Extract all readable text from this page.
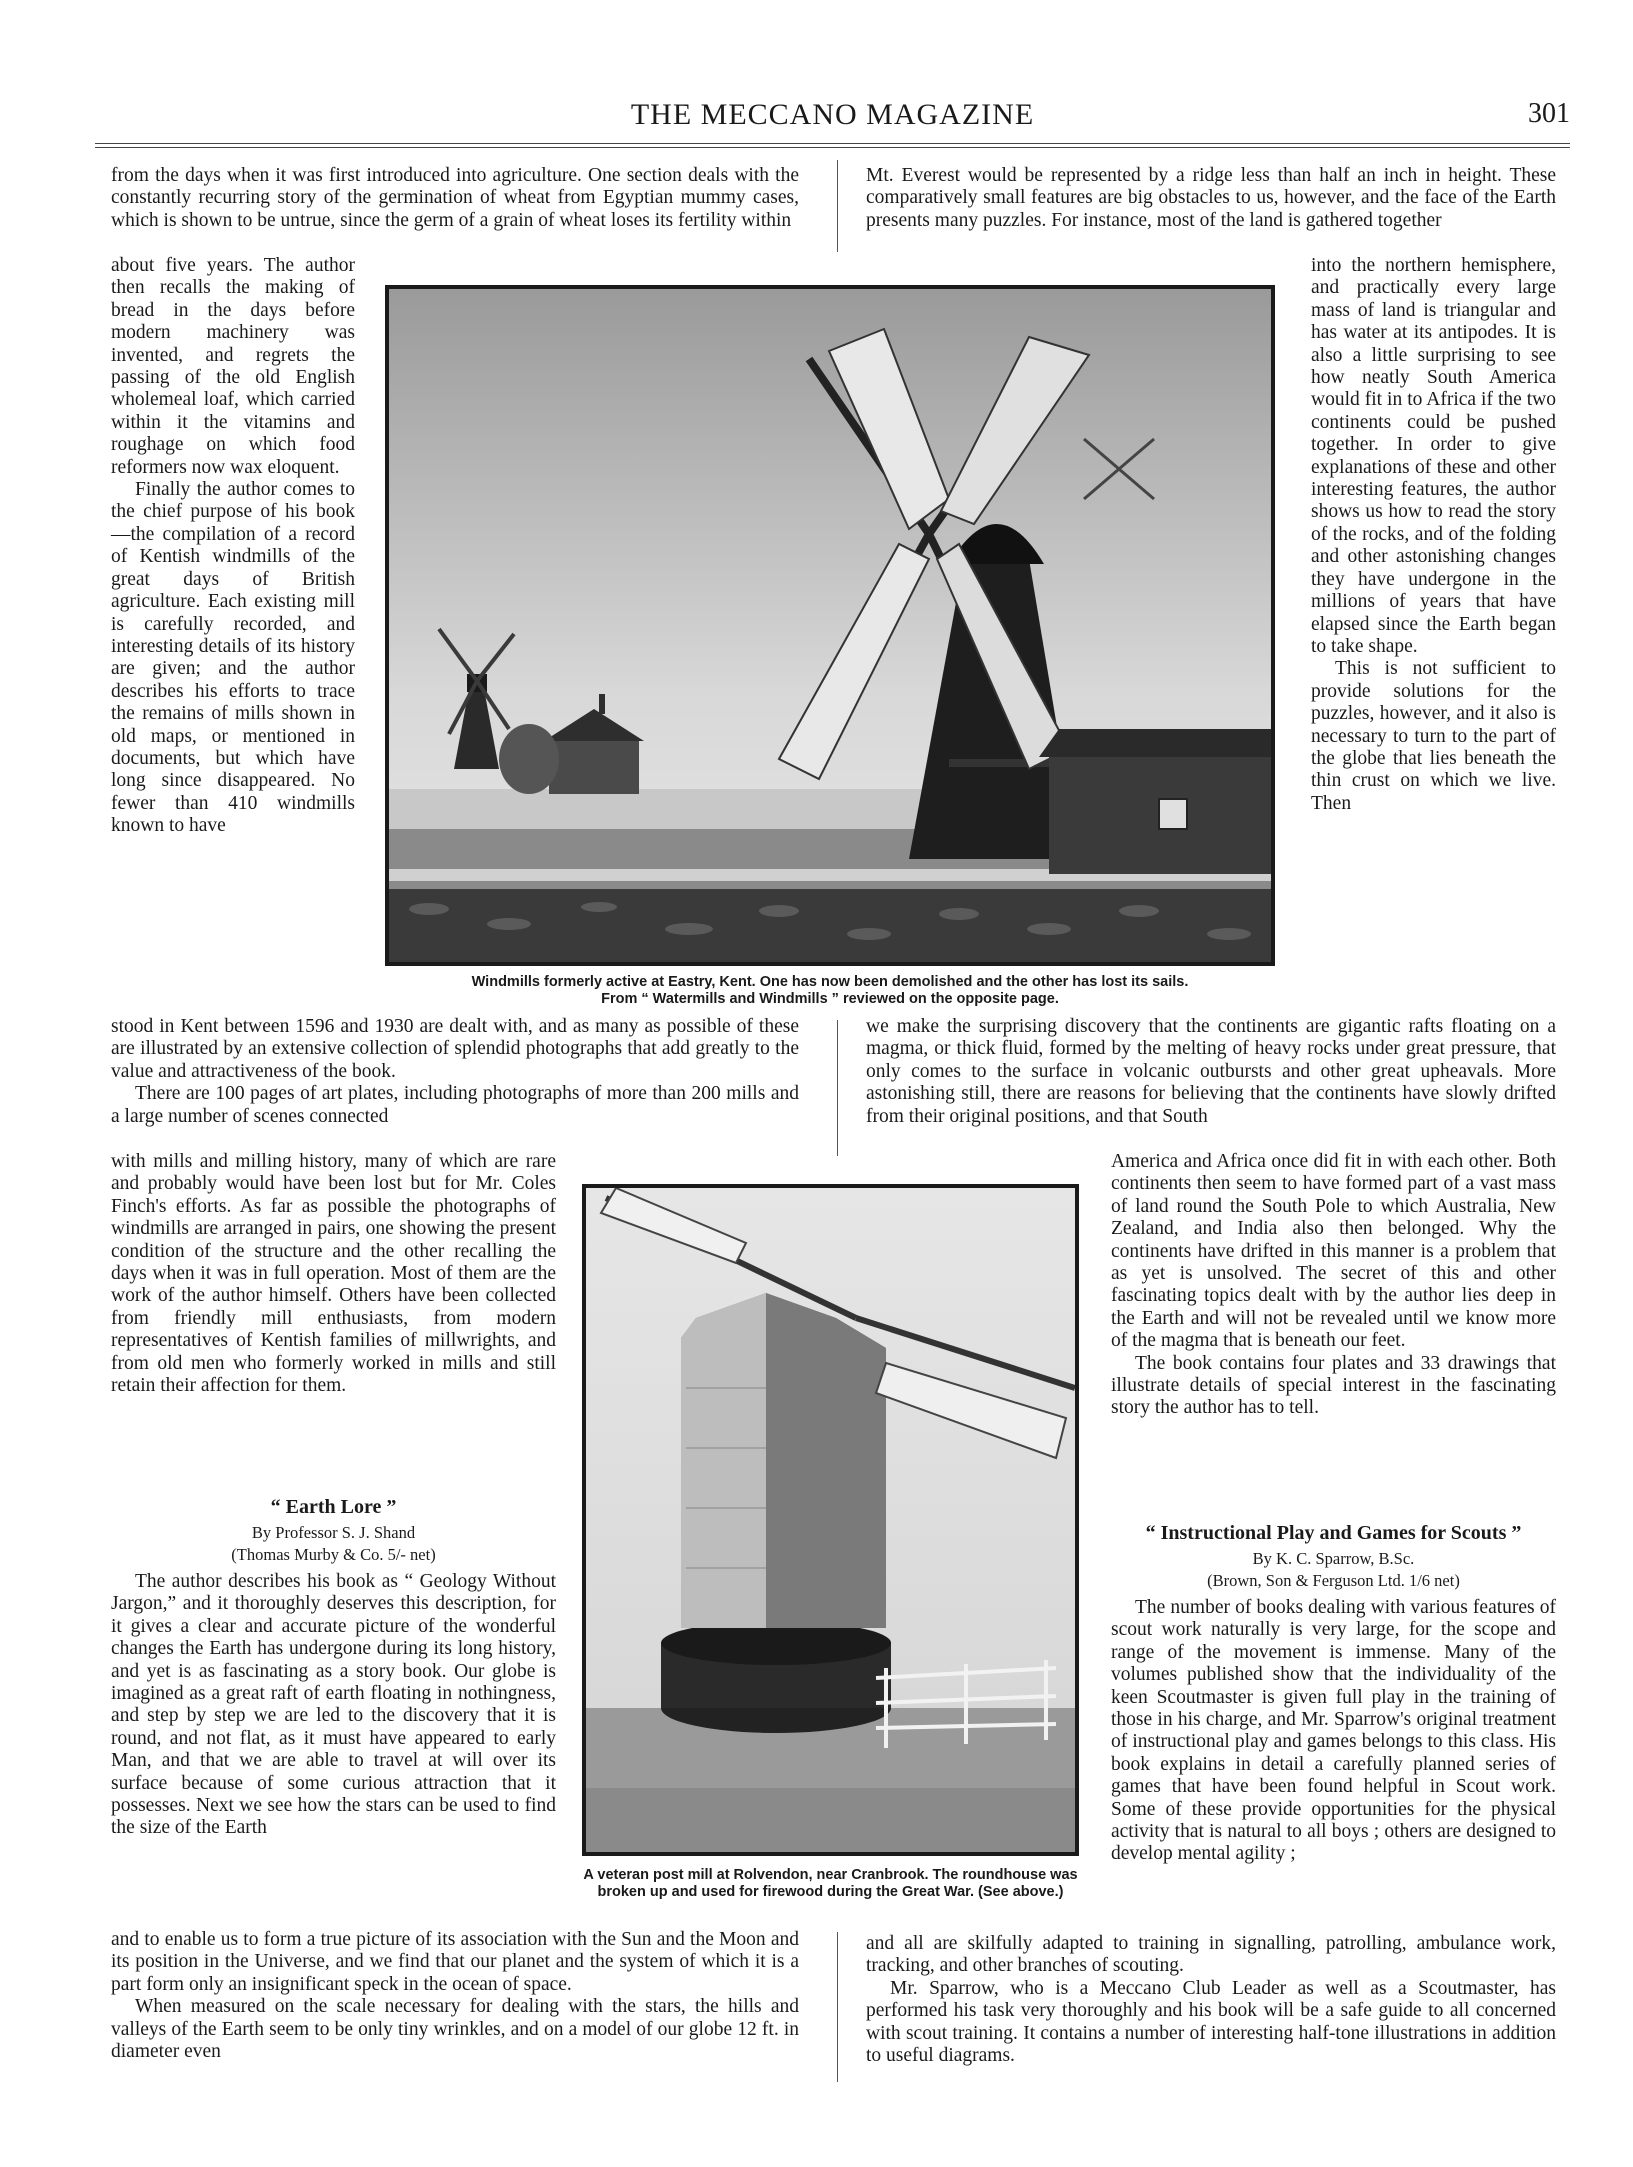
THE MECCANO MAGAZINE	301

from the days when it was first introduced into agriculture. One section deals with the constantly recurring story of the germination of wheat from Egyptian mummy cases, which is shown to be untrue, since the germ of a grain of wheat loses its fertility within

about five years. The author then recalls the making of bread in the days before modern machinery was invented, and regrets the passing of the old English wholemeal loaf, which carried within it the vitamins and roughage on which food reformers now wax eloquent.

Finally the author comes to the chief purpose of his book—the compilation of a record of Kentish windmills of the great days of British agriculture. Each existing mill is carefully recorded, and interesting details of its history are given; and the author describes his efforts to trace the remains of mills shown in old maps, or mentioned in documents, but which have long since disappeared. No fewer than 410 windmills known to have

stood in Kent between 1596 and 1930 are dealt with, and as many as possible of these are illustrated by an extensive collection of splendid photographs that add greatly to the value and attractiveness of the book.

There are 100 pages of art plates, including photographs of more than 200 mills and a large number of scenes connected

with mills and milling history, many of which are rare and probably would have been lost but for Mr. Coles Finch's efforts. As far as possible the photographs of windmills are arranged in pairs, one showing the present condition of the structure and the other recalling the days when it was in full operation. Most of them are the work of the author himself. Others have been collected from friendly mill enthusiasts, from modern representatives of Kentish families of millwrights, and from old men who formerly worked in mills and still retain their affection for them.

“ Earth Lore ”
By Professor S. J. Shand
(Thomas Murby & Co. 5/- net)

The author describes his book as “ Geology Without Jargon,” and it thoroughly deserves this description, for it gives a clear and accurate picture of the wonderful changes the Earth has undergone during its long history, and yet is as fascinating as a story book. Our globe is imagined as a great raft of earth floating in nothingness, and step by step we are led to the discovery that it is round, and not flat, as it must have appeared to early Man, and that we are able to travel at will over its surface because of some curious attraction that it possesses. Next we see how the stars can be used to find the size of the Earth

and to enable us to form a true picture of its association with the Sun and the Moon and its position in the Universe, and we find that our planet and the system of which it is a part form only an insignificant speck in the ocean of space.

When measured on the scale necessary for dealing with the stars, the hills and valleys of the Earth seem to be only tiny wrinkles, and on a model of our globe 12 ft. in diameter even

Mt. Everest would be represented by a ridge less than half an inch in height. These comparatively small features are big obstacles to us, however, and the face of the Earth presents many puzzles. For instance, most of the land is gathered together

into the northern hemisphere, and practically every large mass of land is triangular and has water at its antipodes. It is also a little surprising to see how neatly South America would fit in to Africa if the two continents could be pushed together. In order to give explanations of these and other interesting features, the author shows us how to read the story of the rocks, and of the folding and other astonishing changes they have undergone in the millions of years that have elapsed since the Earth began to take shape.

This is not sufficient to provide solutions for the puzzles, however, and it also is necessary to turn to the part of the globe that lies beneath the thin crust on which we live. Then

we make the surprising discovery that the continents are gigantic rafts floating on a magma, or thick fluid, formed by the melting of heavy rocks under great pressure, that only comes to the surface in volcanic outbursts and other great upheavals. More astonishing still, there are reasons for believing that the continents have slowly drifted from their original positions, and that South

America and Africa once did fit in with each other. Both continents then seem to have formed part of a vast mass of land round the South Pole to which Australia, New Zealand, and India also then belonged. Why the continents have drifted in this manner is a problem that as yet is unsolved. The secret of this and other fascinating topics dealt with by the author lies deep in the Earth and will not be revealed until we know more of the magma that is beneath our feet.

The book contains four plates and 33 drawings that illustrate details of special interest in the fascinating story the author has to tell.

“ Instructional Play and Games for Scouts ”
By K. C. Sparrow, B.Sc.
(Brown, Son & Ferguson Ltd. 1/6 net)

The number of books dealing with various features of scout work naturally is very large, for the scope and range of the movement is immense. Many of the volumes published show that the individuality of the keen Scoutmaster is given full play in the training of those in his charge, and Mr. Sparrow's original treatment of instructional play and games belongs to this class. His book explains in detail a carefully planned series of games that have been found helpful in Scout work. Some of these provide opportunities for the physical activity that is natural to all boys ; others are designed to develop mental agility ;

and all are skilfully adapted to training in signalling, patrolling, ambulance work, tracking, and other branches of scouting.

Mr. Sparrow, who is a Meccano Club Leader as well as a Scoutmaster, has performed his task very thoroughly and his book will be a safe guide to all concerned with scout training. It contains a number of interesting half-tone illustrations in addition to useful diagrams.

Windmills formerly active at Eastry, Kent. One has now been demolished and the other has lost its sails.
From “ Watermills and Windmills ” reviewed on the opposite page.
A veteran post mill at Rolvendon, near Cranbrook. The roundhouse was broken up and used for firewood during the Great War. (See above.)
